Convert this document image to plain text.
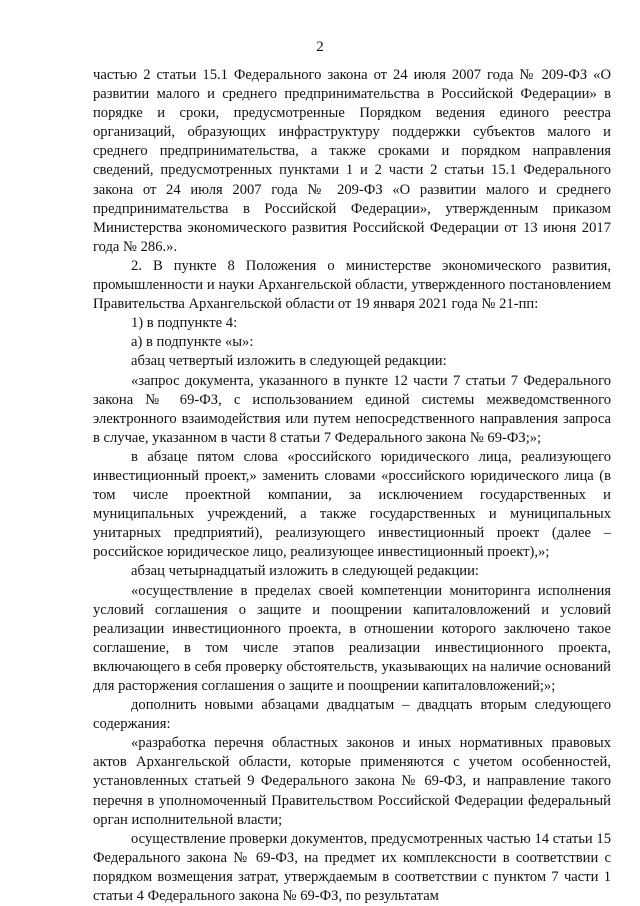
2

частью 2 статьи 15.1 Федерального закона от 24 июля 2007 года № 209-ФЗ «О развитии малого и среднего предпринимательства в Российской Федерации» в порядке и сроки, предусмотренные Порядком ведения единого реестра организаций, образующих инфраструктуру поддержки субъектов малого и среднего предпринимательства, а также сроками и порядком направления сведений, предусмотренных пунктами 1 и 2 части 2 статьи 15.1 Федерального закона от 24 июля 2007 года № 209-ФЗ «О развитии малого и среднего предпринимательства в Российской Федерации», утвержденным приказом Министерства экономического развития Российской Федерации от 13 июня 2017 года № 286.».

2. В пункте 8 Положения о министерстве экономического развития, промышленности и науки Архангельской области, утвержденного постановлением Правительства Архангельской области от 19 января 2021 года № 21-пп:

1) в подпункте 4:

а) в подпункте «ы»:

абзац четвертый изложить в следующей редакции:

«запрос документа, указанного в пункте 12 части 7 статьи 7 Федерального закона № 69-ФЗ, с использованием единой системы межведомственного электронного взаимодействия или путем непосредственного направления запроса в случае, указанном в части 8 статьи 7 Федерального закона № 69-ФЗ;»;

в абзаце пятом слова «российского юридического лица, реализующего инвестиционный проект,» заменить словами «российского юридического лица (в том числе проектной компании, за исключением государственных и муниципальных учреждений, а также государственных и муниципальных унитарных предприятий), реализующего инвестиционный проект (далее – российское юридическое лицо, реализующее инвестиционный проект),»;

абзац четырнадцатый изложить в следующей редакции:

«осуществление в пределах своей компетенции мониторинга исполнения условий соглашения о защите и поощрении капиталовложений и условий реализации инвестиционного проекта, в отношении которого заключено такое соглашение, в том числе этапов реализации инвестиционного проекта, включающего в себя проверку обстоятельств, указывающих на наличие оснований для расторжения соглашения о защите и поощрении капиталовложений;»;

дополнить новыми абзацами двадцатым – двадцать вторым следующего содержания:

«разработка перечня областных законов и иных нормативных правовых актов Архангельской области, которые применяются с учетом особенностей, установленных статьей 9 Федерального закона № 69-ФЗ, и направление такого перечня в уполномоченный Правительством Российской Федерации федеральный орган исполнительной власти;

осуществление проверки документов, предусмотренных частью 14 статьи 15 Федерального закона № 69-ФЗ, на предмет их комплексности в соответствии с порядком возмещения затрат, утверждаемым в соответствии с пунктом 7 части 1 статьи 4 Федерального закона № 69-ФЗ, по результатам
